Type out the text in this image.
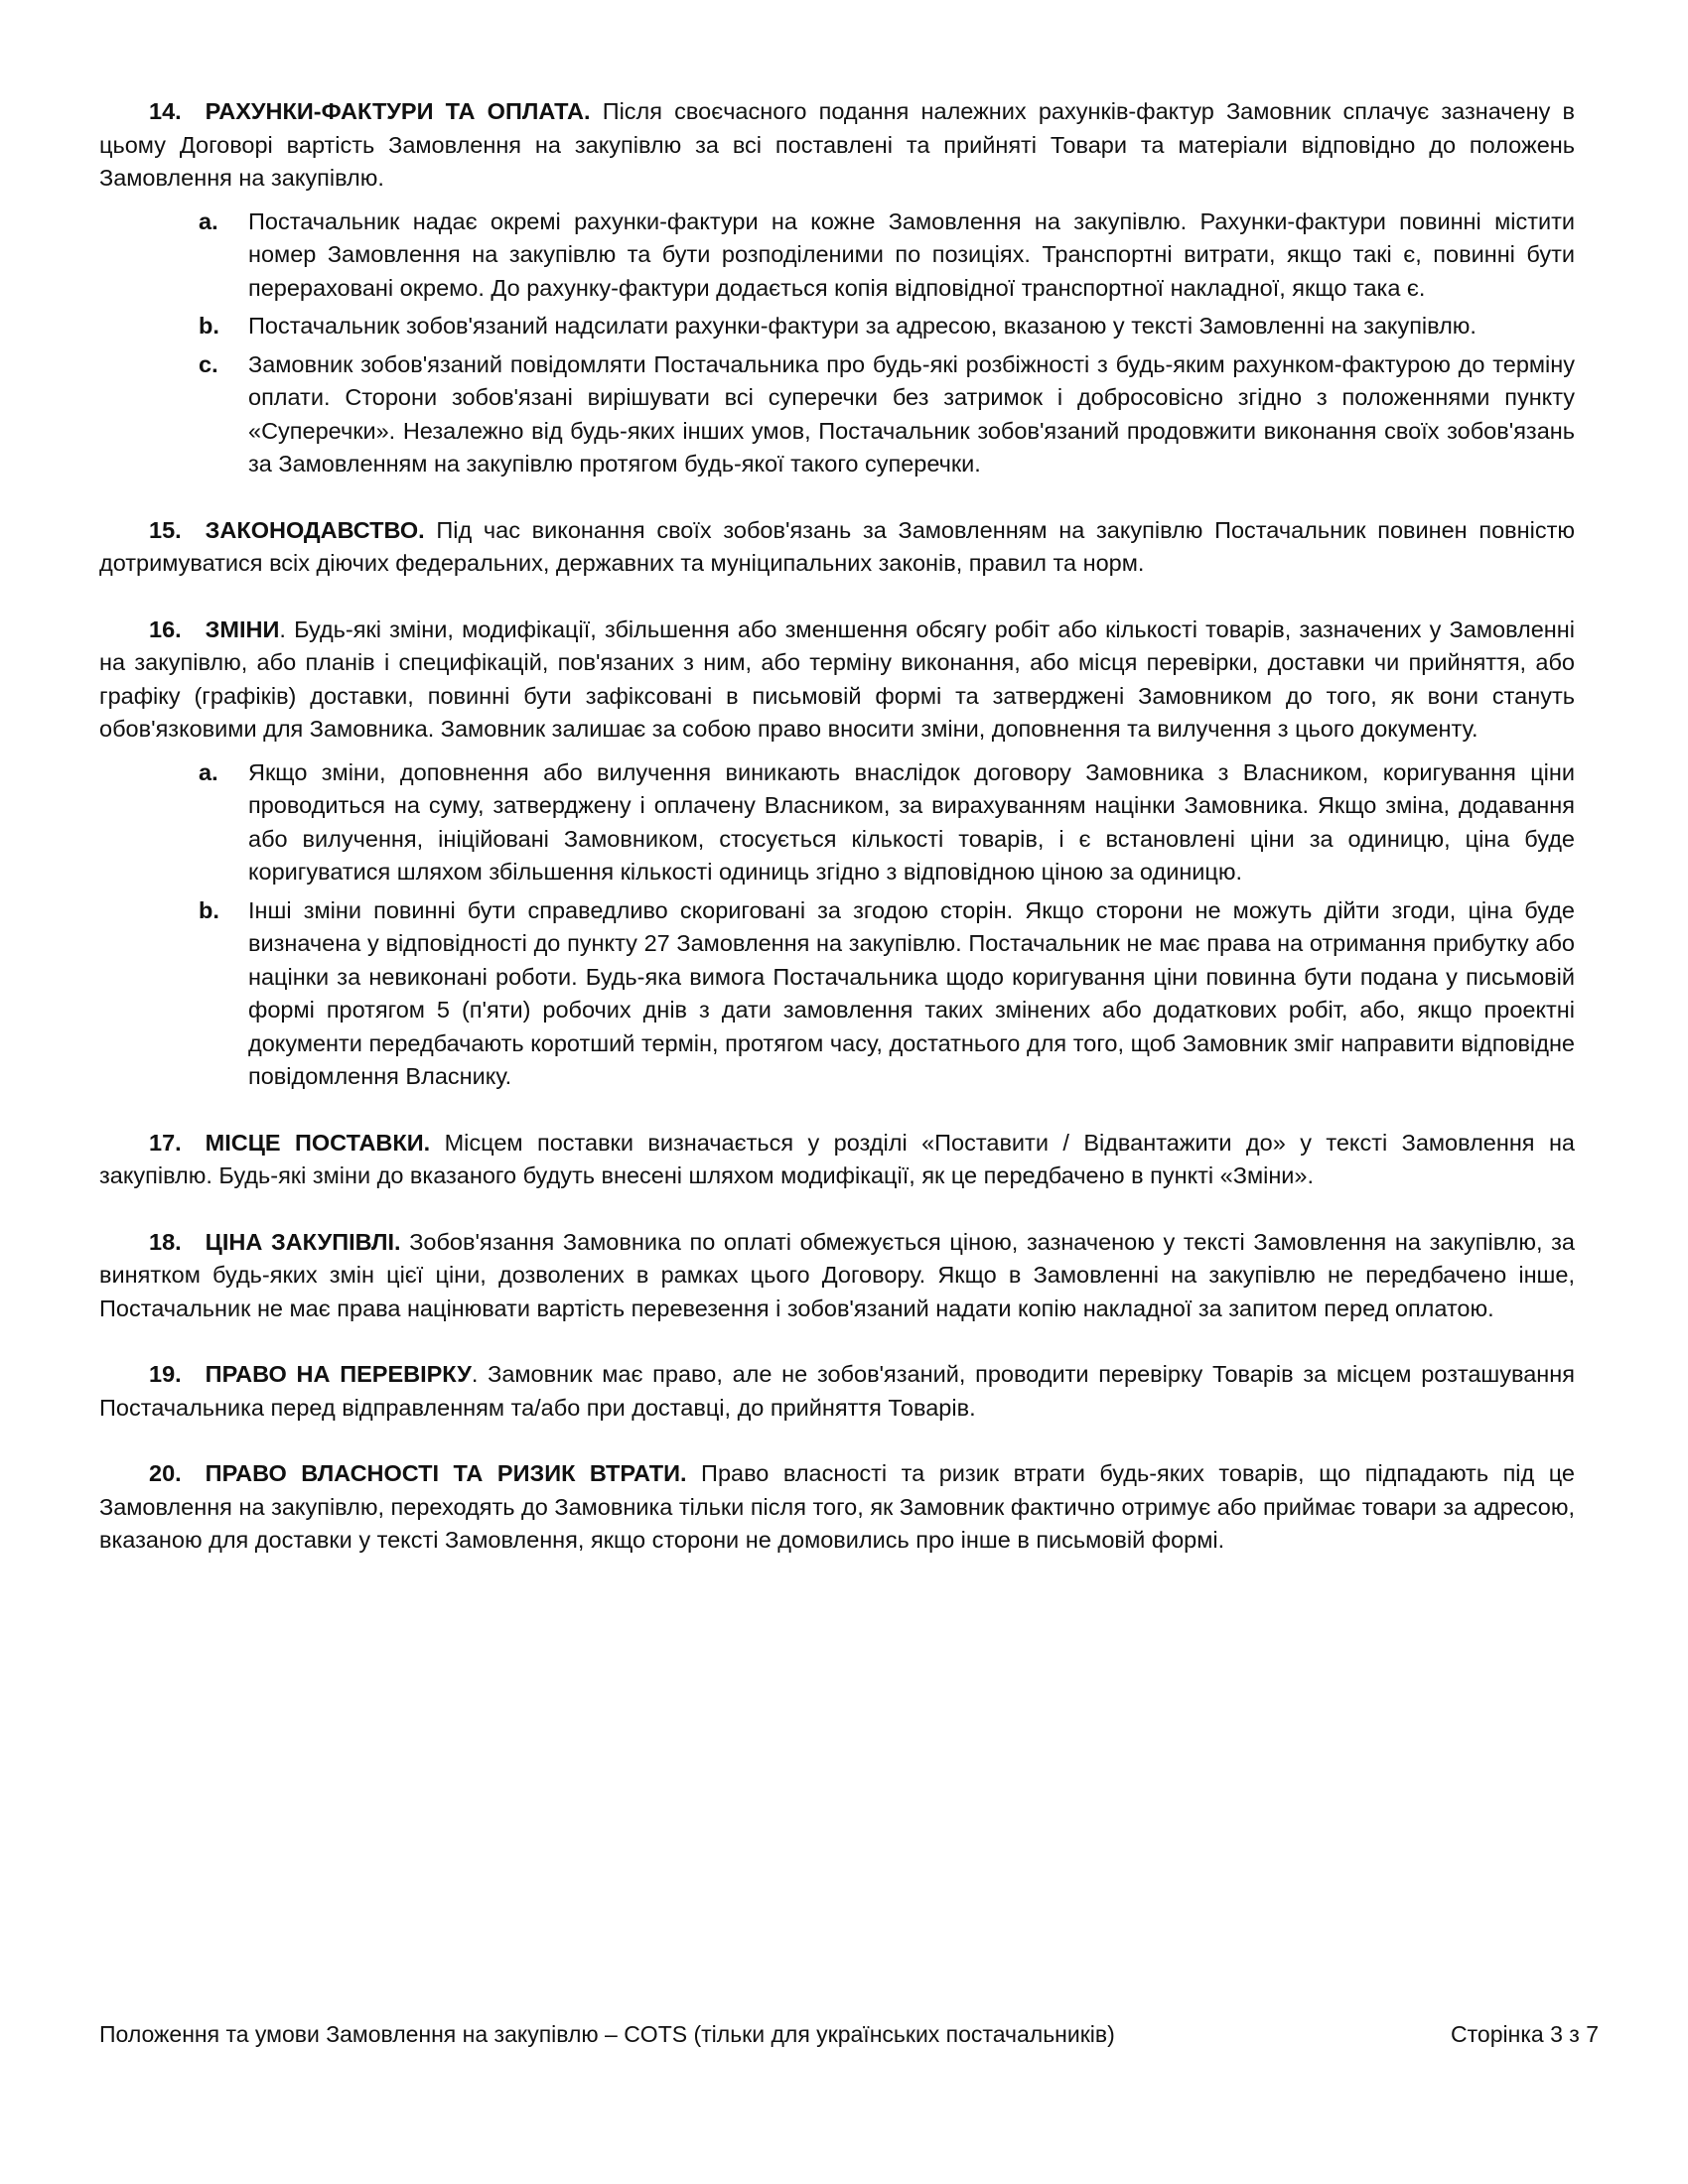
14. РАХУНКИ-ФАКТУРИ ТА ОПЛАТА. Після своєчасного подання належних рахунків-фактур Замовник сплачує зазначену в цьому Договорі вартість Замовлення на закупівлю за всі поставлені та прийняті Товари та матеріали відповідно до положень Замовлення на закупівлю.

a. Постачальник надає окремі рахунки-фактури на кожне Замовлення на закупівлю. Рахунки-фактури повинні містити номер Замовлення на закупівлю та бути розподіленими по позиціях. Транспортні витрати, якщо такі є, повинні бути перераховані окремо. До рахунку-фактури додається копія відповідної транспортної накладної, якщо така є.
b. Постачальник зобов'язаний надсилати рахунки-фактури за адресою, вказаною у тексті Замовленні на закупівлю.
c. Замовник зобов'язаний повідомляти Постачальника про будь-які розбіжності з будь-яким рахунком-фактурою до терміну оплати. Сторони зобов'язані вирішувати всі суперечки без затримок і добросовісно згідно з положеннями пункту «Суперечки». Незалежно від будь-яких інших умов, Постачальник зобов'язаний продовжити виконання своїх зобов'язань за Замовленням на закупівлю протягом будь-якої такого суперечки.

15. ЗАКОНОДАВСТВО. Під час виконання своїх зобов'язань за Замовленням на закупівлю Постачальник повинен повністю дотримуватися всіх діючих федеральних, державних та муніципальних законів, правил та норм.

16. ЗМІНИ. Будь-які зміни, модифікації, збільшення або зменшення обсягу робіт або кількості товарів, зазначених у Замовленні на закупівлю, або планів і специфікацій, пов'язаних з ним, або терміну виконання, або місця перевірки, доставки чи прийняття, або графіку (графіків) доставки, повинні бути зафіксовані в письмовій формі та затверджені Замовником до того, як вони стануть обов'язковими для Замовника. Замовник залишає за собою право вносити зміни, доповнення та вилучення з цього документу.

a. Якщо зміни, доповнення або вилучення виникають внаслідок договору Замовника з Власником, коригування ціни проводиться на суму, затверджену і оплачену Власником, за вирахуванням націнки Замовника. Якщо зміна, додавання або вилучення, ініційовані Замовником, стосується кількості товарів, і є встановлені ціни за одиницю, ціна буде коригуватися шляхом збільшення кількості одиниць згідно з відповідною ціною за одиницю.
b. Інші зміни повинні бути справедливо скориговані за згодою сторін. Якщо сторони не можуть дійти згоди, ціна буде визначена у відповідності до пункту 27 Замовлення на закупівлю. Постачальник не має права на отримання прибутку або націнки за невиконані роботи. Будь-яка вимога Постачальника щодо коригування ціни повинна бути подана у письмовій формі протягом 5 (п'яти) робочих днів з дати замовлення таких змінених або додаткових робіт, або, якщо проектні документи передбачають коротший термін, протягом часу, достатнього для того, щоб Замовник зміг направити відповідне повідомлення Власнику.

17. МІСЦЕ ПОСТАВКИ. Місцем поставки визначається у розділі «Поставити / Відвантажити до» у тексті Замовлення на закупівлю. Будь-які зміни до вказаного будуть внесені шляхом модифікації, як це передбачено в пункті «Зміни».

18. ЦІНА ЗАКУПІВЛІ. Зобов'язання Замовника по оплаті обмежується ціною, зазначеною у тексті Замовлення на закупівлю, за винятком будь-яких змін цієї ціни, дозволених в рамках цього Договору. Якщо в Замовленні на закупівлю не передбачено інше, Постачальник не має права націнювати вартість перевезення і зобов'язаний надати копію накладної за запитом перед оплатою.

19. ПРАВО НА ПЕРЕВІРКУ. Замовник має право, але не зобов'язаний, проводити перевірку Товарів за місцем розташування Постачальника перед відправленням та/або при доставці, до прийняття Товарів.

20. ПРАВО ВЛАСНОСТІ ТА РИЗИК ВТРАТИ. Право власності та ризик втрати будь-яких товарів, що підпадають під це Замовлення на закупівлю, переходять до Замовника тільки після того, як Замовник фактично отримує або приймає товари за адресою, вказаною для доставки у тексті Замовлення, якщо сторони не домовились про інше в письмовій формі.

Положення та умови Замовлення на закупівлю – COTS (тільки для українських постачальників)	Сторінка 3 з 7
